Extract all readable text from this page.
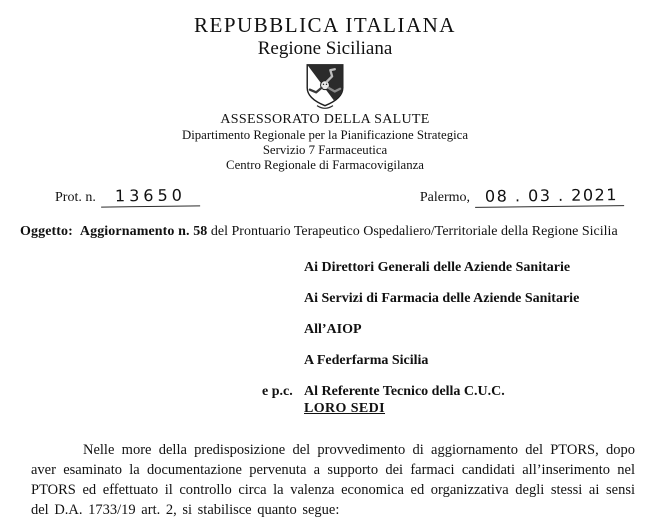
REPUBBLICA ITALIANA
Regione Siciliana
ASSESSORATO DELLA SALUTE
Dipartimento Regionale per la Pianificazione Strategica
Servizio 7 Farmaceutica
Centro Regionale di Farmacovigilanza
Prot. n. 13650	Palermo, 08 . 03 . 2021
Oggetto: Aggiornamento n. 58 del Prontuario Terapeutico Ospedaliero/Territoriale della Regione Sicilia
Ai Direttori Generali delle Aziende Sanitarie
Ai Servizi di Farmacia delle Aziende Sanitarie
All’AIOP
A Federfarma Sicilia
e p.c. Al Referente Tecnico della C.U.C.
LORO SEDI

Nelle more della predisposizione del provvedimento di aggiornamento del PTORS, dopo aver esaminato la documentazione pervenuta a supporto dei farmaci candidati all’inserimento nel PTORS ed effettuato il controllo circa la valenza economica ed organizzativa degli stessi ai sensi del D.A. 1733/19 art. 2, si stabilisce quanto segue:
